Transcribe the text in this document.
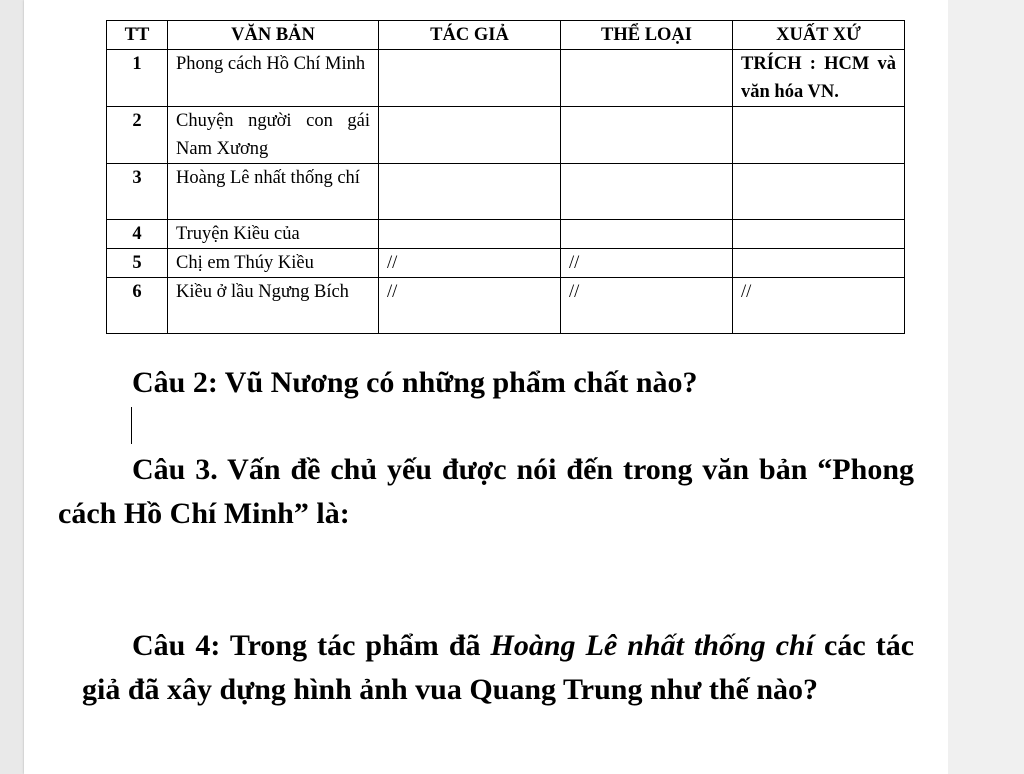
TT	VĂN BẢN	TÁC GIẢ	THỂ LOẠI	XUẤT XỨ
1	Phong cách Hồ Chí Minh			TRÍCH : HCM và văn hóa VN.
2	Chuyện người con gái Nam Xương			
3	Hoàng Lê nhất thống chí			
4	Truyện Kiều của			
5	Chị em Thúy Kiều	//	//	
6	Kiều ở lầu Ngưng Bích	//	//	//

Câu 2: Vũ Nương có những phẩm chất nào?

Câu 3. Vấn đề chủ yếu được nói đến trong văn bản “Phong cách Hồ Chí Minh” là:

Câu 4: Trong tác phẩm đã Hoàng Lê nhất thống chí các tác giả đã xây dựng hình ảnh vua Quang Trung như thế nào?
